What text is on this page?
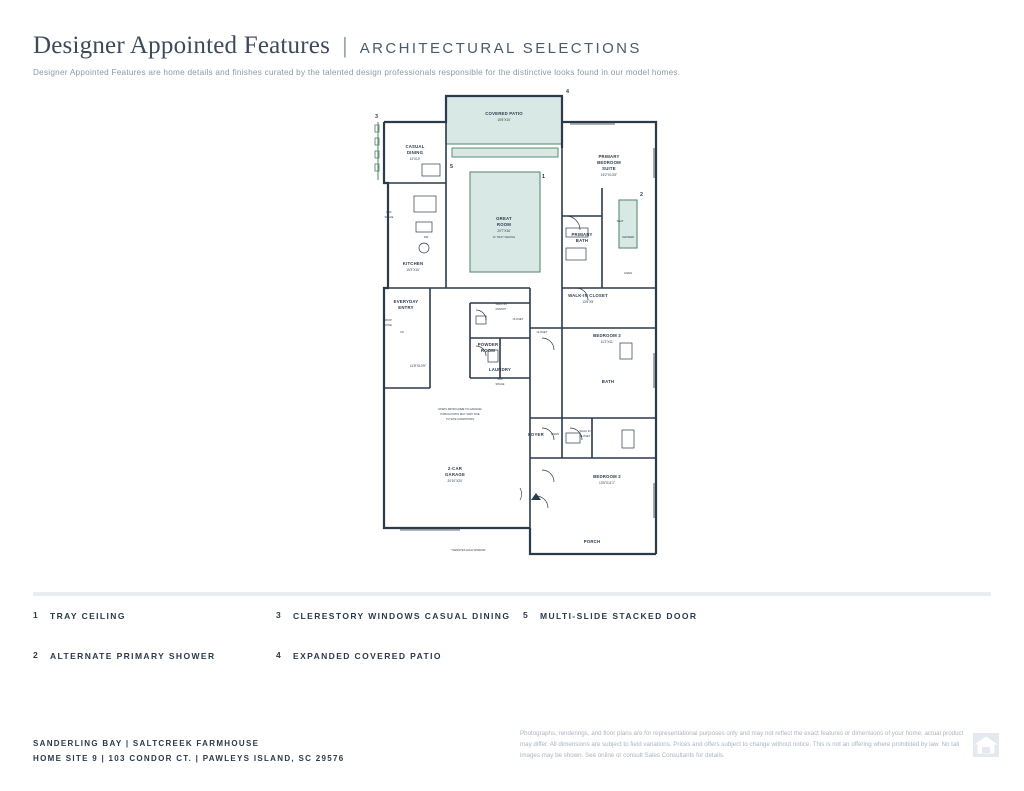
Designer Appointed Features | ARCHITECTURAL SELECTIONS
Designer Appointed Features are home details and finishes curated by the talented design professionals responsible for the distinctive looks found in our model homes.
COVERED PATIO
15'6"X10'
CASUAL
DINING
12'X10'	PRIMARY
BEDROOM
SUITE
15'2"X13'5"
GREAT
ROOM
20'7"X16'
11' TRAY CEILING
KITCHEN
15'3"X10'
PRIMARY
BATH
SEAT
SHOWER
LINEN
WALK-IN CLOSET
13'5"X5'
EVERYDAY
ENTRY
WALK-IN
PANTRY
DROP
ZONE
UP
REF
SPACE
DW
BEDROOM 3
11'2"X11'
CLOSET
CLOSET
POWDER
ROOM
LAUNDRY
W/D
SPACE
BATH
LINEN
WALK IN
CLOSET
FOYER
BEDROOM 2
13'5"X11'1"
2-CAR
GARAGE
20'10"X20'
PORCH
11'8"X10'5"
STEPS FROM HOME TO GARAGE/
PORCH/ PATIO MAY VARY DUE
TO SITE CONDITIONS
* DENOTES HIGH WINDOW
4
3
1
2
5
1	TRAY CEILING
2	ALTERNATE PRIMARY SHOWER
3	CLERESTORY WINDOWS CASUAL DINING
4	EXPANDED COVERED PATIO
5	MULTI-SLIDE STACKED DOOR
SANDERLING BAY | SALTCREEK FARMHOUSE
HOME SITE 9 | 103 CONDOR CT. | PAWLEYS ISLAND, SC 29576
Photographs, renderings, and floor plans are for representational purposes only and may not reflect the exact features or dimensions of your home; actual product may differ. All dimensions are subject to field variations. Prices and offers subject to change without notice. This is not an offering where prohibited by law. No tall images may be shown. See online or consult Sales Consultants for details.
